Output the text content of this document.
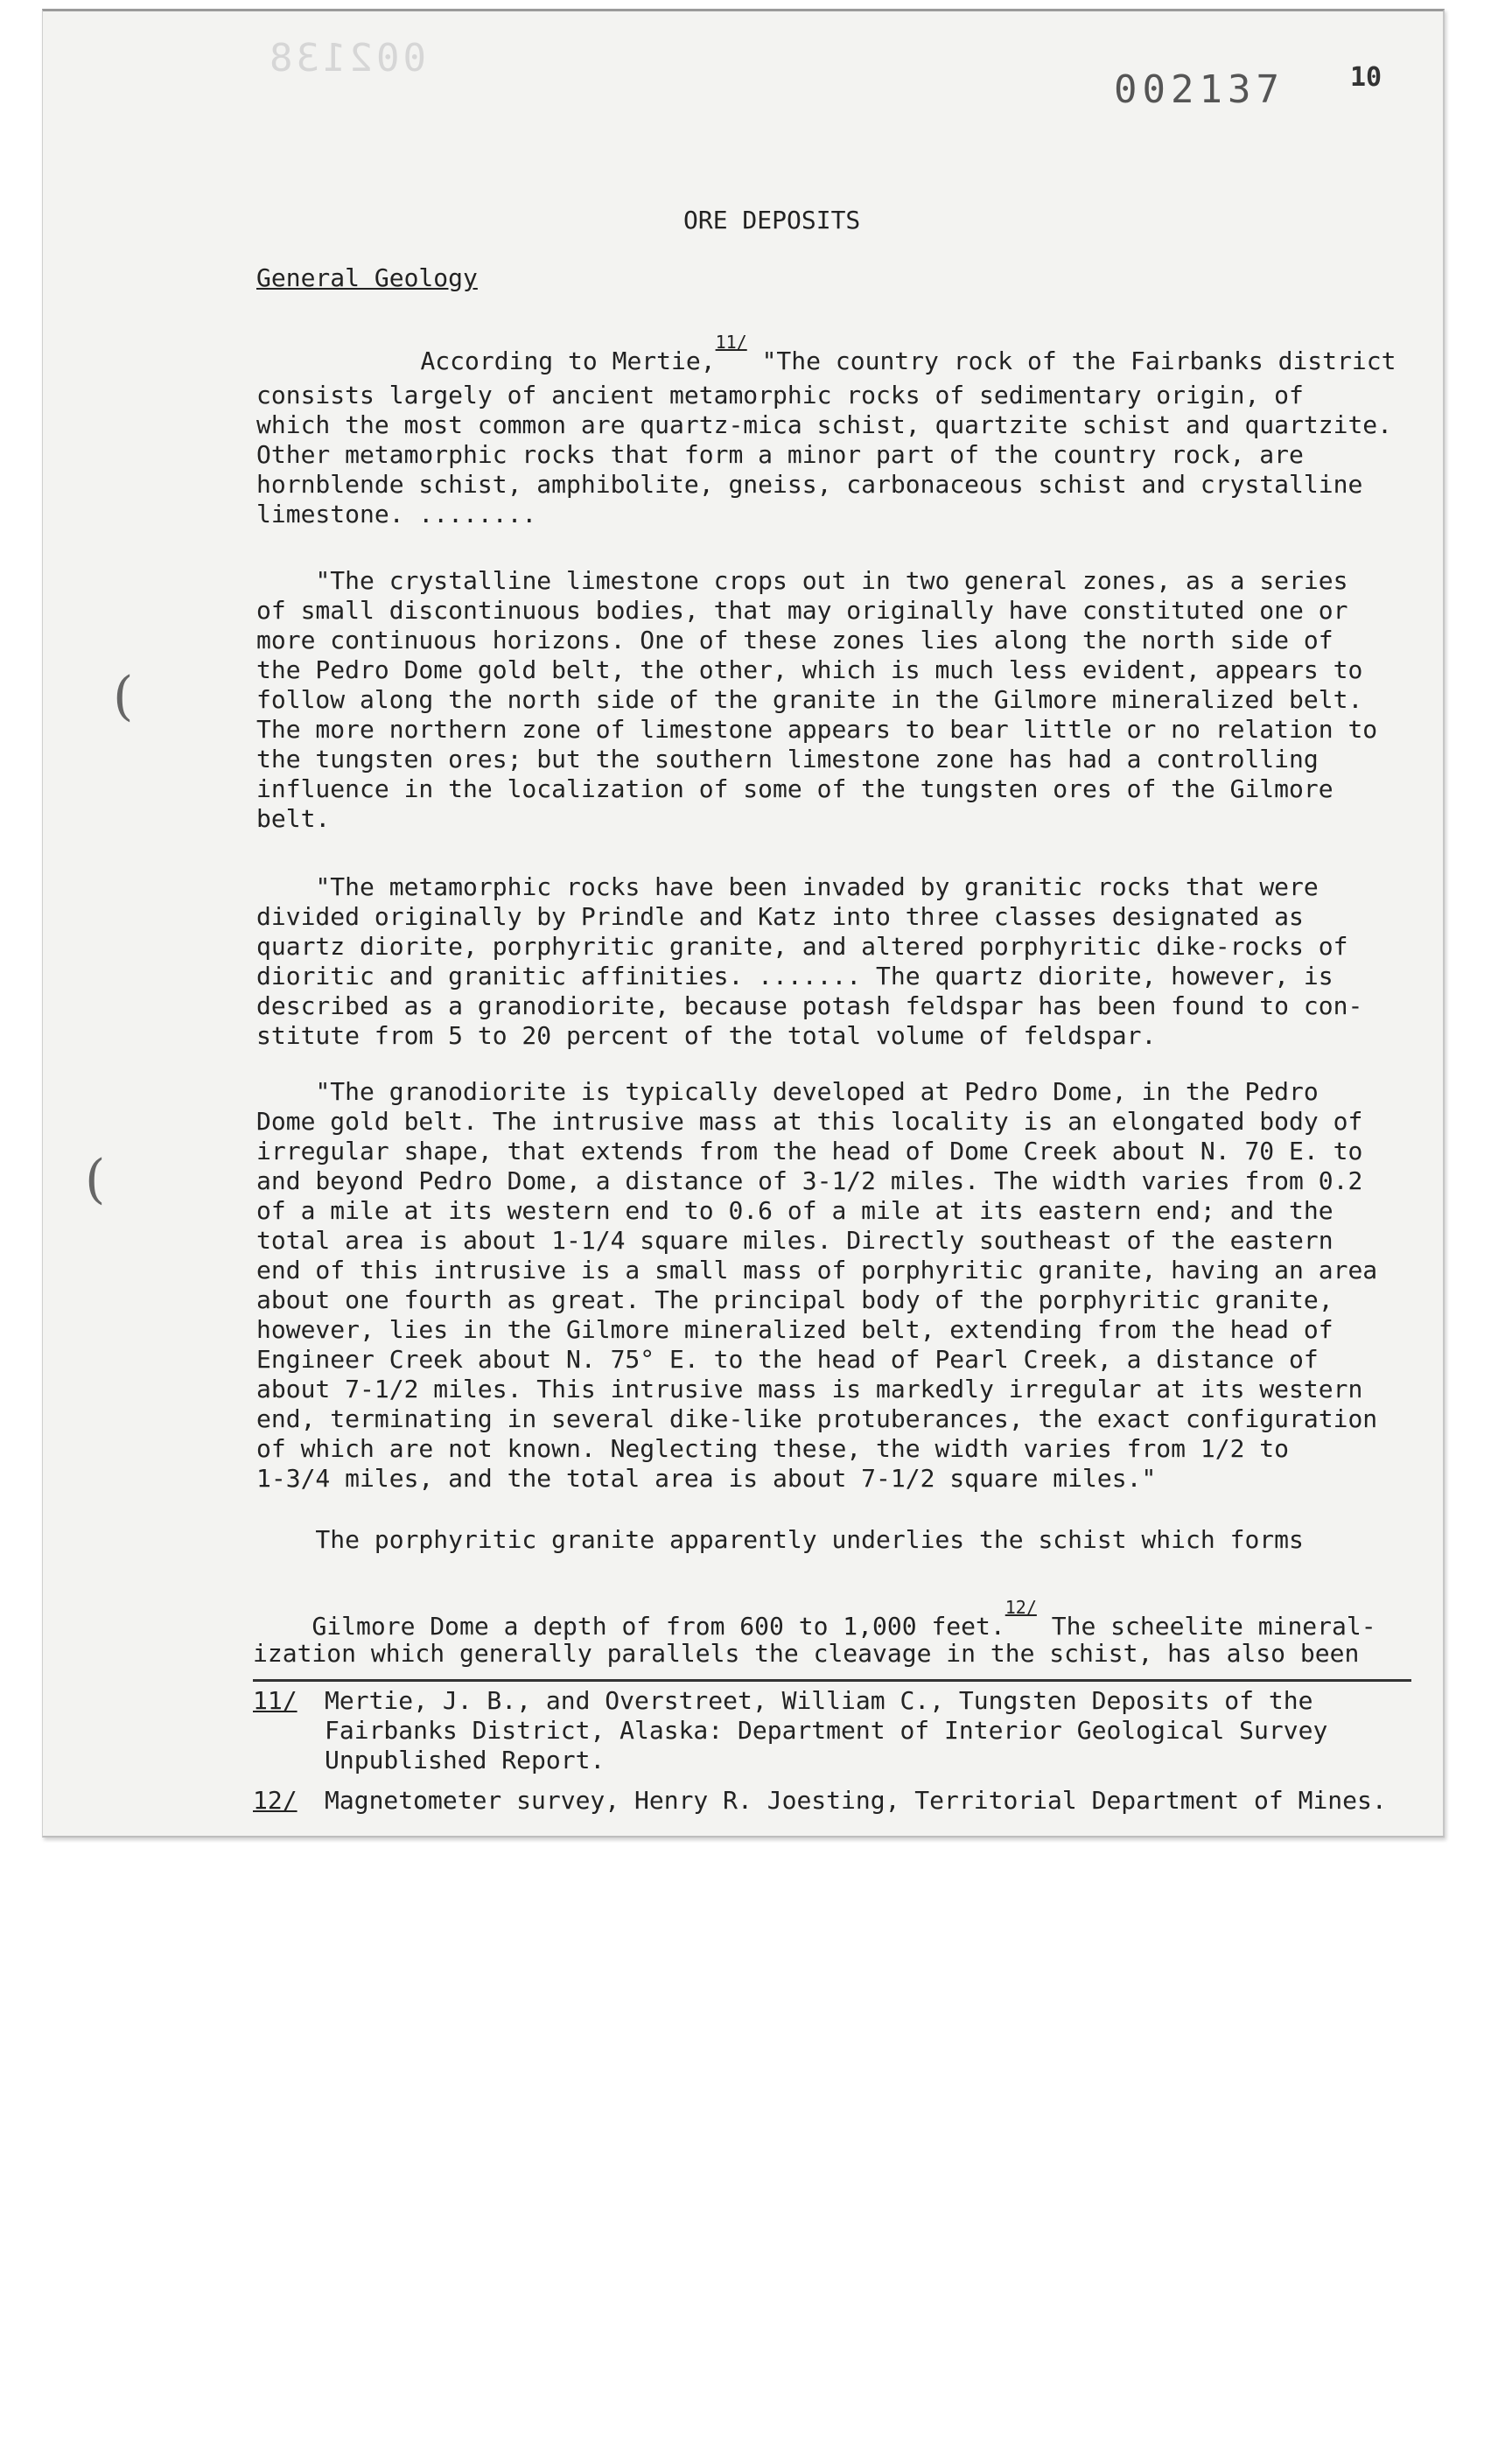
002138
002137	10
ORE DEPOSITS
General Geology

According to Mertie,$^{11/}$ "The country rock of the Fairbanks district

consists largely of ancient metamorphic rocks of sedimentary origin, of
which the most common are quartz-mica schist, quartzite schist and quartzite.
Other metamorphic rocks that form a minor part of the country rock, are
hornblende schist, amphibolite, gneiss, carbonaceous schist and crystalline
limestone. ........

"The crystalline limestone crops out in two general zones, as a series
of small discontinuous bodies, that may originally have constituted one or
more continuous horizons. One of these zones lies along the north side of
the Pedro Dome gold belt, the other, which is much less evident, appears to
follow along the north side of the granite in the Gilmore mineralized belt.
The more northern zone of limestone appears to bear little or no relation to
the tungsten ores; but the southern limestone zone has had a controlling
influence in the localization of some of the tungsten ores of the Gilmore
belt.

"The metamorphic rocks have been invaded by granitic rocks that were
divided originally by Prindle and Katz into three classes designated as
quartz diorite, porphyritic granite, and altered porphyritic dike-rocks of
dioritic and granitic affinities. ....... The quartz diorite, however, is
described as a granodiorite, because potash feldspar has been found to con-
stitute from 5 to 20 percent of the total volume of feldspar.

"The granodiorite is typically developed at Pedro Dome, in the Pedro
Dome gold belt. The intrusive mass at this locality is an elongated body of
irregular shape, that extends from the head of Dome Creek about N. 70 E. to
and beyond Pedro Dome, a distance of 3-1/2 miles. The width varies from 0.2
of a mile at its western end to 0.6 of a mile at its eastern end; and the
total area is about 1-1/4 square miles. Directly southeast of the eastern
end of this intrusive is a small mass of porphyritic granite, having an area
about one fourth as great. The principal body of the porphyritic granite,
however, lies in the Gilmore mineralized belt, extending from the head of
Engineer Creek about N. 75° E. to the head of Pearl Creek, a distance of
about 7-1/2 miles. This intrusive mass is markedly irregular at its western
end, terminating in several dike-like protuberances, the exact configuration
of which are not known. Neglecting these, the width varies from 1/2 to
1-3/4 miles, and the total area is about 7-1/2 square miles."

The porphyritic granite apparently underlies the schist which forms

Gilmore Dome a depth of from 600 to 1,000 feet.$^{12/}$ The scheelite mineral-

ization which generally parallels the cleavage in the schist, has also been
11/ Mertie, J. B., and Overstreet, William C., Tungsten Deposits of the
Fairbanks District, Alaska: Department of Interior Geological Survey
Unpublished Report.
12/ Magnetometer survey, Henry R. Joesting, Territorial Department of Mines.
(
(
